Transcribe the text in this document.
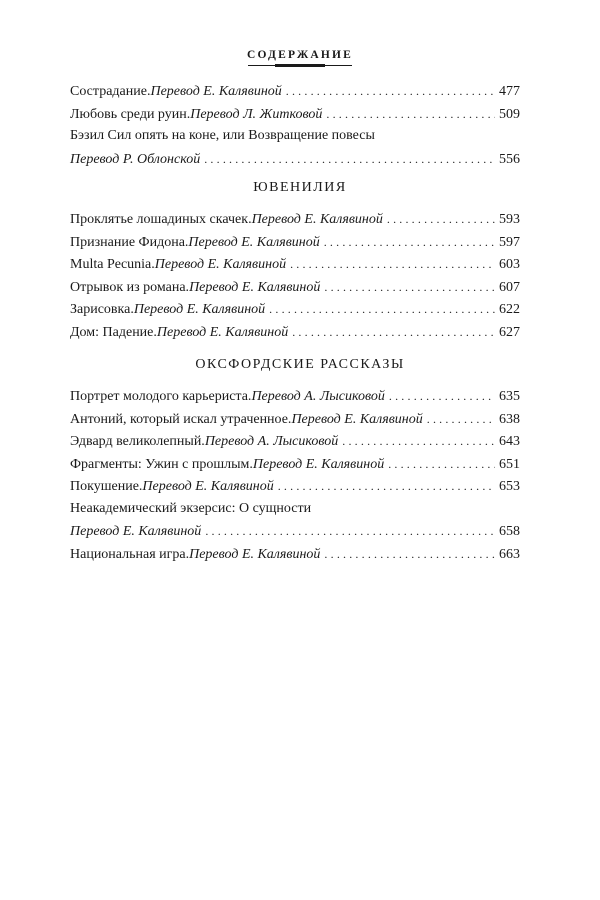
СОДЕРЖАНИЕ
Сострадание. Перевод Е. Калявиной .....	477
Любовь среди руин. Перевод Л. Житковой .....	509
Бэзил Сил опять на коне, или Возвращение повесы
Перевод Р. Облонской .....	556
ЮВЕНИЛИЯ
Проклятье лошадиных скачек. Перевод Е. Калявиной .....	593
Признание Фидона. Перевод Е. Калявиной .....	597
Multa Pecunia. Перевод Е. Калявиной .....	603
Отрывок из романа. Перевод Е. Калявиной .....	607
Зарисовка. Перевод Е. Калявиной .....	622
Дом: Падение. Перевод Е. Калявиной .....	627
ОКСФОРДСКИЕ РАССКАЗЫ
Портрет молодого карьериста. Перевод А. Лысиковой .....	635
Антоний, который искал утраченное. Перевод Е. Калявиной .....	638
Эдвард великолепный. Перевод А. Лысиковой .....	643
Фрагменты: Ужин с прошлым. Перевод Е. Калявиной .....	651
Покушение. Перевод Е. Калявиной .....	653
Неакадемический экзерсис: О сущности
Перевод Е. Калявиной .....	658
Национальная игра. Перевод Е. Калявиной .....	663
